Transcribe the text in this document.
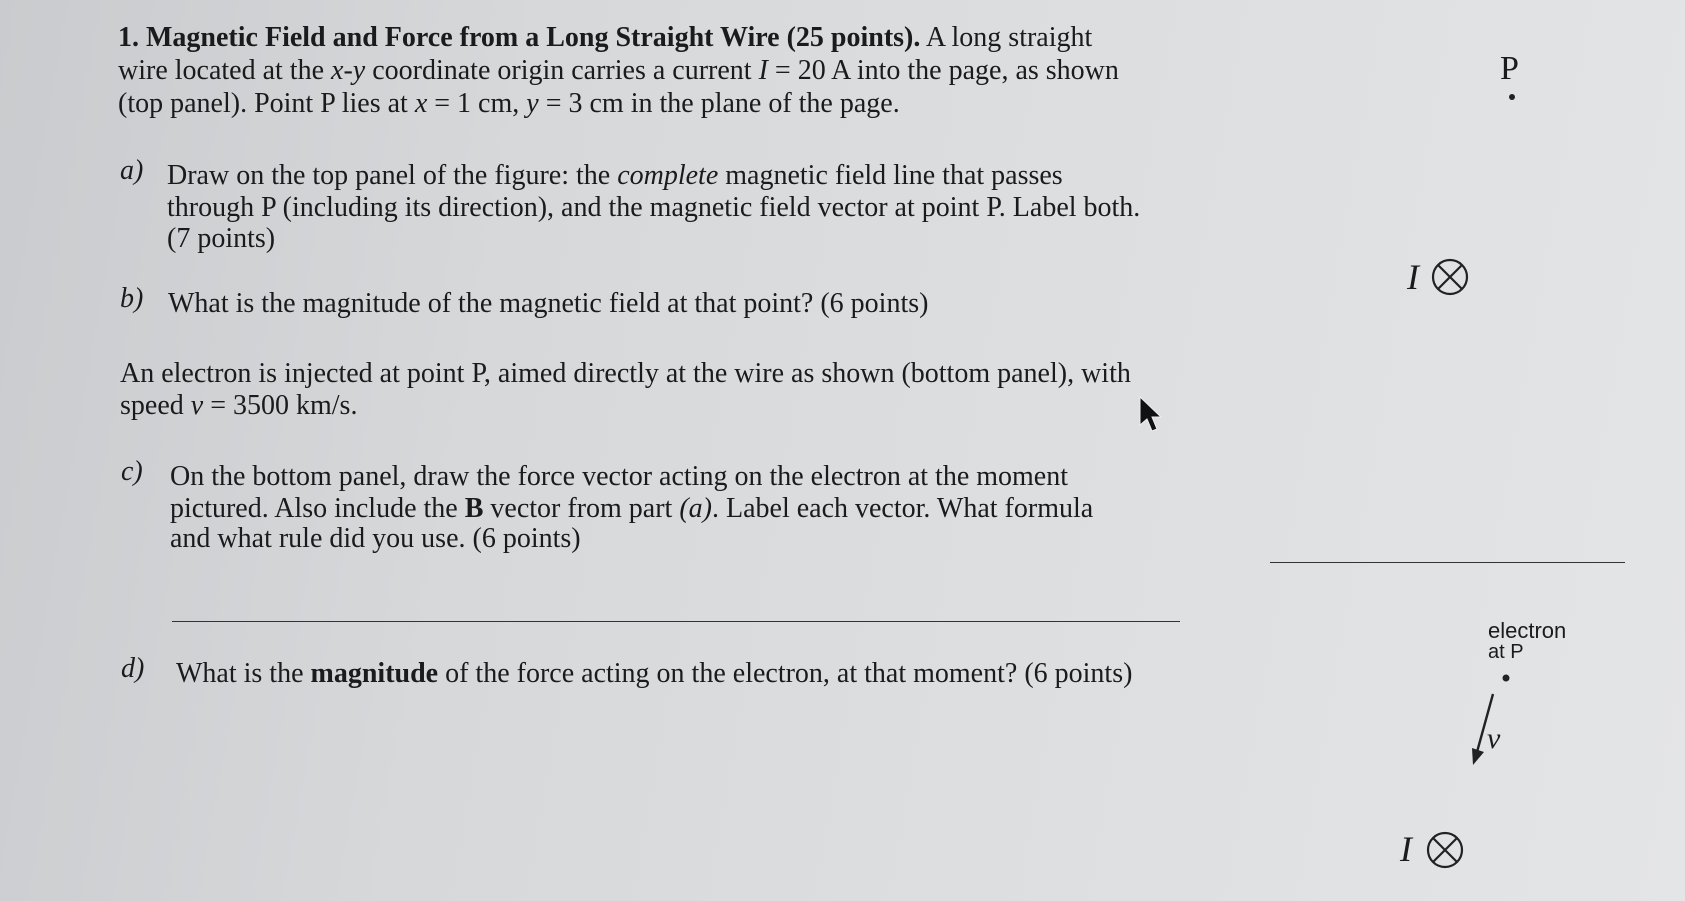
1. Magnetic Field and Force from a Long Straight Wire (25 points). A long straight
wire located at the x-y coordinate origin carries a current I = 20 A into the page, as shown
(top panel). Point P lies at x = 1 cm, y = 3 cm in the plane of the page.
a) Draw on the top panel of the figure: the complete magnetic field line that passes
through P (including its direction), and the magnetic field vector at point P. Label both.
(7 points)
b) What is the magnitude of the magnetic field at that point? (6 points)
An electron is injected at point P, aimed directly at the wire as shown (bottom panel), with
speed v = 3500 km/s.
c) On the bottom panel, draw the force vector acting on the electron at the moment
pictured. Also include the B vector from part (a). Label each vector. What formula
and what rule did you use. (6 points)
d) What is the magnitude of the force acting on the electron, at that moment? (6 points)
P
I
electron
at P
v
I
